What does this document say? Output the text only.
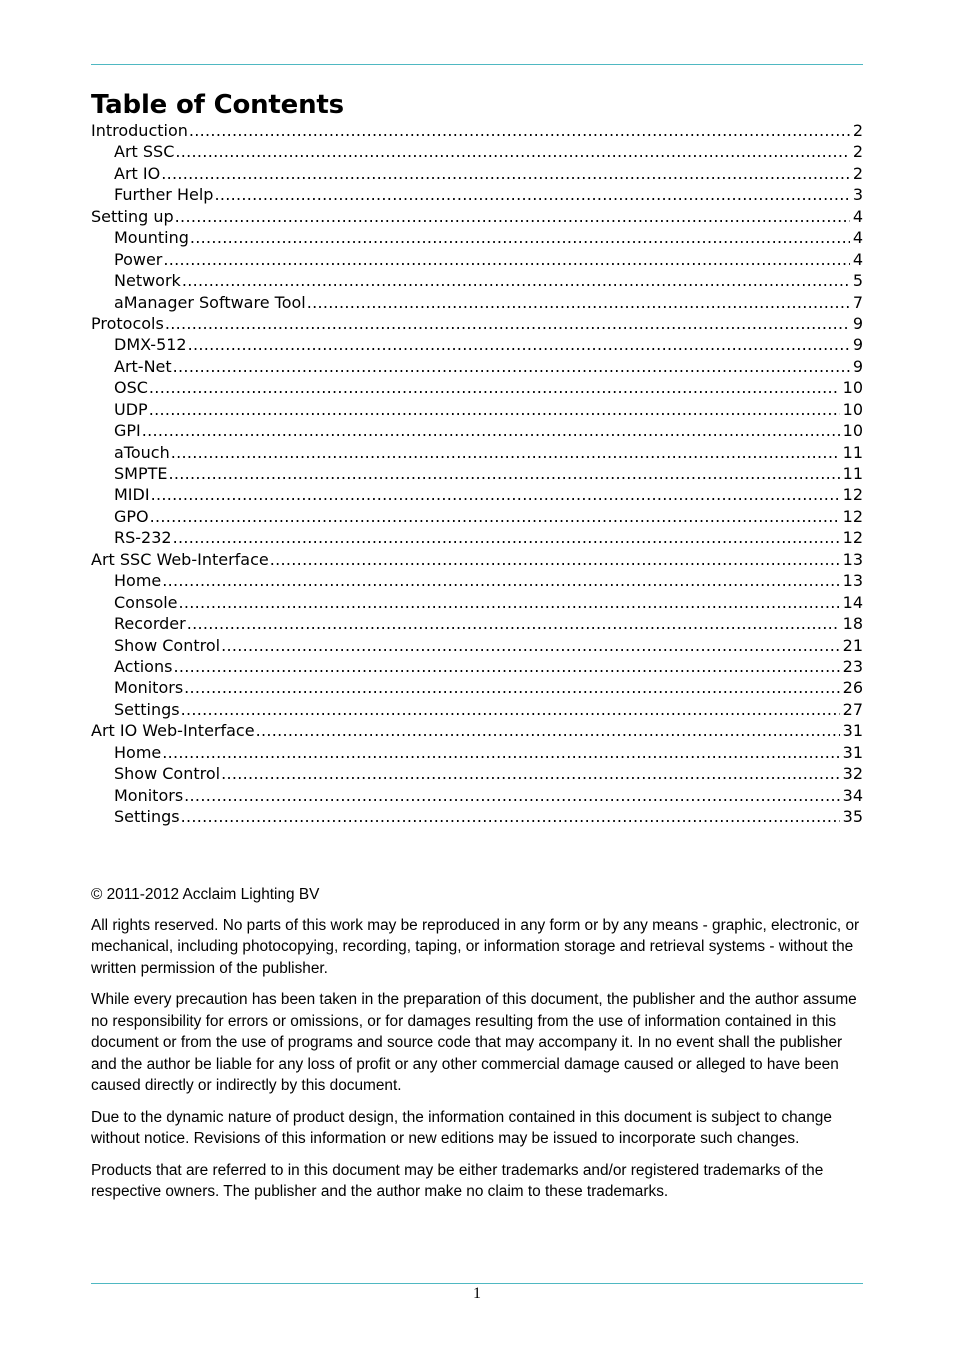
Table of Contents
Introduction .....	2
Art SSC .....	2
Art IO .....	2
Further Help .....	3
Setting up .....	4
Mounting .....	4
Power .....	4
Network .....	5
aManager Software Tool .....	7
Protocols .....	9
DMX-512 .....	9
Art-Net .....	9
OSC .....	10
UDP .....	10
GPI .....	10
aTouch .....	11
SMPTE .....	11
MIDI .....	12
GPO .....	12
RS-232 .....	12
Art SSC Web-Interface .....	13
Home .....	13
Console .....	14
Recorder .....	18
Show Control .....	21
Actions .....	23
Monitors .....	26
Settings .....	27
Art IO Web-Interface .....	31
Home .....	31
Show Control .....	32
Monitors .....	34
Settings .....	35

© 2011-2012 Acclaim Lighting BV

All rights reserved. No parts of this work may be reproduced in any form or by any means - graphic, electronic, or mechanical, including photocopying, recording, taping, or information storage and retrieval systems - without the written permission of the publisher.

While every precaution has been taken in the preparation of this document, the publisher and the author assume no responsibility for errors or omissions, or for damages resulting from the use of information contained in this document or from the use of programs and source code that may accompany it. In no event shall the publisher and the author be liable for any loss of profit or any other commercial damage caused or alleged to have been caused directly or indirectly by this document.

Due to the dynamic nature of product design, the information contained in this document is subject to change without notice. Revisions of this information or new editions may be issued to incorporate such changes.

Products that are referred to in this document may be either trademarks and/or registered trademarks of the respective owners. The publisher and the author make no claim to these trademarks.

1
